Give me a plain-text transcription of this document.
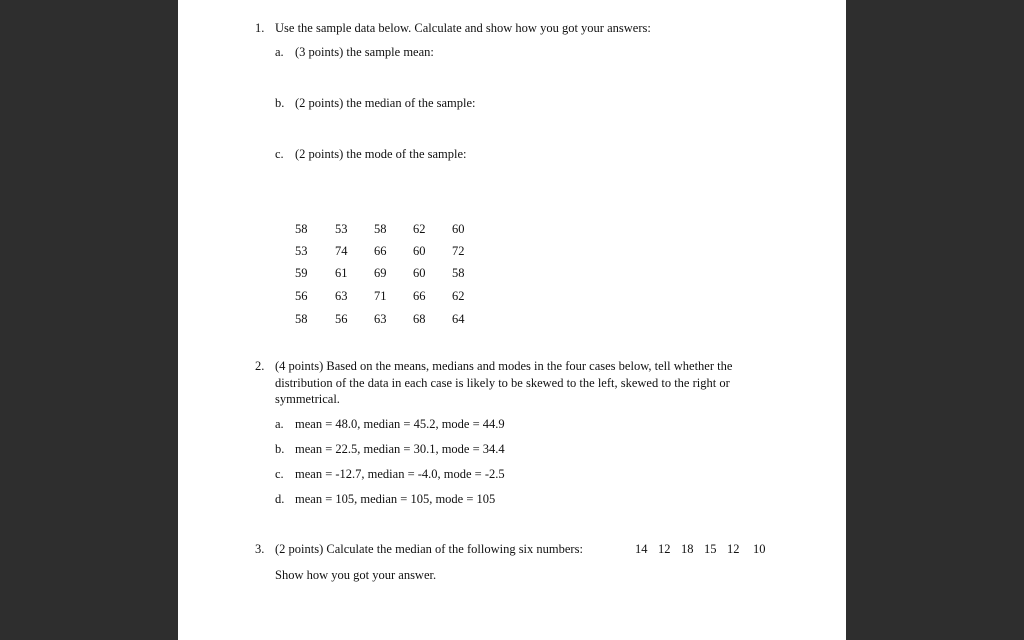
1. Use the sample data below. Calculate and show how you got your answers:
a. (3 points) the sample mean:
b. (2 points) the median of the sample:
c. (2 points) the mode of the sample:
58 53 58 62 60
53 74 66 60 72
59 61 69 60 58
56 63 71 66 62
58 56 63 68 64
2. (4 points) Based on the means, medians and modes in the four cases below, tell whether the
distribution of the data in each case is likely to be skewed to the left, skewed to the right or
symmetrical.
a. mean = 48.0, median = 45.2, mode = 44.9
b. mean = 22.5, median = 30.1, mode = 34.4
c. mean = -12.7, median = -4.0, mode = -2.5
d. mean = 105, median = 105, mode = 105
3. (2 points) Calculate the median of the following six numbers:	14 12 18 15 12 10
Show how you got your answer.
